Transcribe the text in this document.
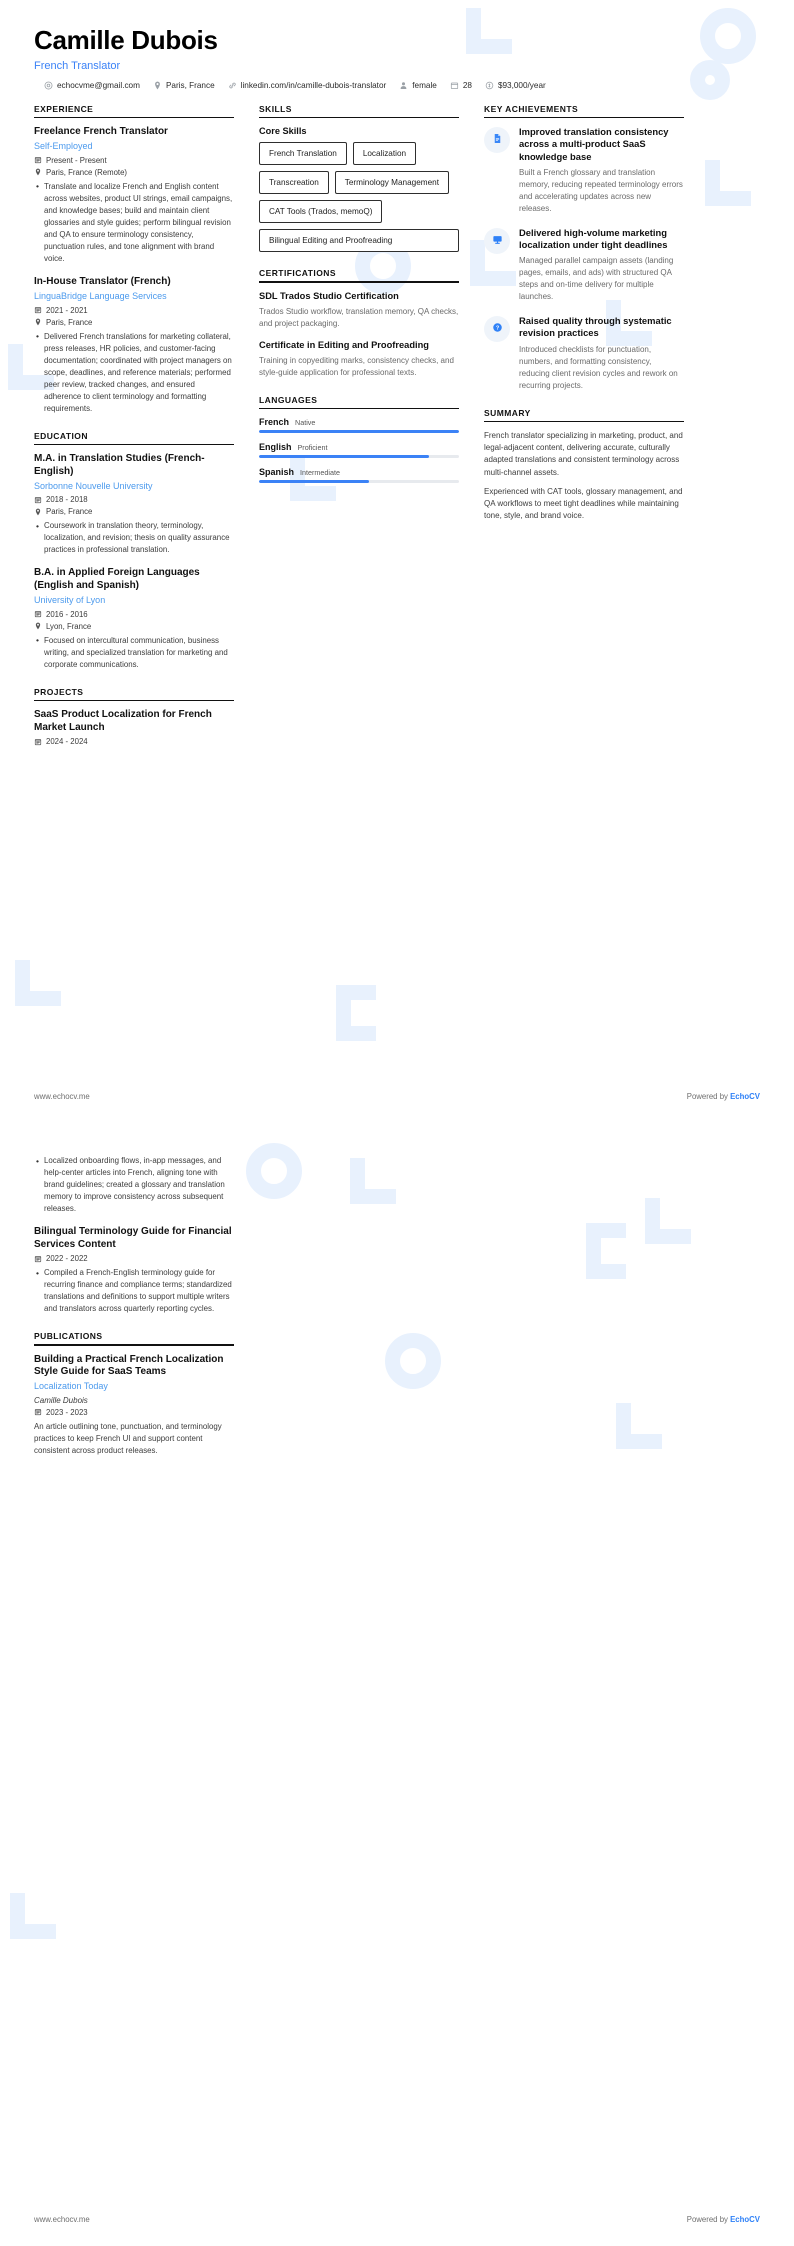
Camille Dubois
French Translator
echocvme@gmail.com	Paris, France	linkedin.com/in/camille-dubois-translator	female	28	$93,000/year
EXPERIENCE
Freelance French Translator
Self-Employed
Present - Present
Paris, France (Remote)
• Translate and localize French and English content across websites, product UI strings, email campaigns, and knowledge bases; build and maintain client glossaries and style guides; perform bilingual revision and QA to ensure terminology consistency, punctuation rules, and tone alignment with brand voice.
In-House Translator (French)
LinguaBridge Language Services
2021 - 2021
Paris, France
• Delivered French translations for marketing collateral, press releases, HR policies, and customer-facing documentation; coordinated with project managers on scope, deadlines, and reference materials; performed peer review, tracked changes, and ensured adherence to client terminology and formatting requirements.
EDUCATION
M.A. in Translation Studies (French-English)
Sorbonne Nouvelle University
2018 - 2018
Paris, France
• Coursework in translation theory, terminology, localization, and revision; thesis on quality assurance practices in professional translation.
B.A. in Applied Foreign Languages (English and Spanish)
University of Lyon
2016 - 2016
Lyon, France
• Focused on intercultural communication, business writing, and specialized translation for marketing and corporate communications.
PROJECTS
SaaS Product Localization for French Market Launch
2024 - 2024
SKILLS
Core Skills
French Translation	Localization
Transcreation	Terminology Management
CAT Tools (Trados, memoQ)
Bilingual Editing and Proofreading
CERTIFICATIONS
SDL Trados Studio Certification
Trados Studio workflow, translation memory, QA checks, and project packaging.
Certificate in Editing and Proofreading
Training in copyediting marks, consistency checks, and style-guide application for professional texts.
LANGUAGES
French Native
English Proficient
Spanish Intermediate
KEY ACHIEVEMENTS
Improved translation consistency across a multi-product SaaS knowledge base
Built a French glossary and translation memory, reducing repeated terminology errors and accelerating updates across new releases.
Delivered high-volume marketing localization under tight deadlines
Managed parallel campaign assets (landing pages, emails, and ads) with structured QA steps and on-time delivery for multiple launches.
?
Raised quality through systematic revision practices
Introduced checklists for punctuation, numbers, and formatting consistency, reducing client revision cycles and rework on recurring projects.
SUMMARY
French translator specializing in marketing, product, and legal-adjacent content, delivering accurate, culturally adapted translations and consistent terminology across multi-channel assets.
Experienced with CAT tools, glossary management, and QA workflows to meet tight deadlines while maintaining tone, style, and brand voice.
www.echocv.me	Powered by EchoCV
• Localized onboarding flows, in-app messages, and help-center articles into French, aligning tone with brand guidelines; created a glossary and translation memory to improve consistency across subsequent releases.
Bilingual Terminology Guide for Financial Services Content
2022 - 2022
• Compiled a French-English terminology guide for recurring finance and compliance terms; standardized translations and definitions to support multiple writers and translators across quarterly reporting cycles.
PUBLICATIONS
Building a Practical French Localization Style Guide for SaaS Teams
Localization Today
Camille Dubois
2023 - 2023
An article outlining tone, punctuation, and terminology practices to keep French UI and support content consistent across product releases.
www.echocv.me	Powered by EchoCV
